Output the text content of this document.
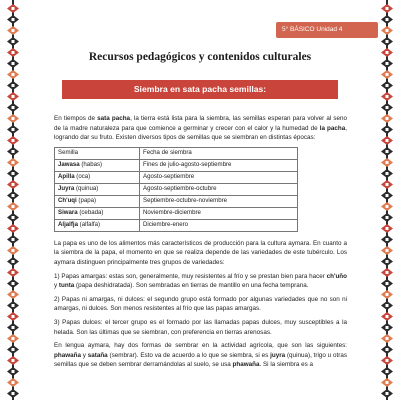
5° BÁSICO Unidad 4
Recursos pedagógicos y contenidos culturales
Siembra en sata pacha semillas:

En tiempos de sata pacha, la tierra está lista para la siembra, las semillas esperan para volver al seno de la madre naturaleza para que comience a germinar y crecer con el calor y la humedad de la pacha, logrando dar su fruto. Existen diversos tipos de semillas que se siembran en distintas épocas:

Semilla	Fecha de siembra
Jawasa (habas)	Fines de julio-agosto-septiembre
Apilla (oca)	Agosto-septiembre
Juyra (quinua)	Agosto-septiembre-octubre
Ch'uqi (papa)	Septiembre-octubre-noviembre
Siwara (cebada)	Noviembre-diciembre
Aljalfja (alfalfa)	Diciembre-enero

La papa es uno de los alimentos más característicos de producción para la cultura aymara. En cuanto a la siembra de la papa, el momento en que se realiza depende de las variedades de este tubérculo. Los aymara distinguen principalmente tres grupos de variedades:

1) Papas amargas: estas son, generalmente, muy resistentes al frío y se prestan bien para hacer ch'uño y tunta (papa deshidratada). Son sembradas en tierras de mantillo en una fecha temprana.

2) Papas ni amargas, ni dulces: el segundo grupo está formado por algunas variedades que no son ni amargas, ni dulces. Son menos resistentes al frío que las papas amargas.

3) Papas dulces: el tercer grupo es el formado por las llamadas papas dulces, muy susceptibles a la helada. Son las últimas que se siembran, con preferencia en tierras arenosas.

En lengua aymara, hay dos formas de sembrar en la actividad agrícola, que son las siguientes: phawaña y sataña (sembrar). Esto va de acuerdo a lo que se siembra, si es juyra (quinua), trigo u otras semillas que se deben sembrar derramándolas al suelo, se usa phawaña. Si la siembra es a
